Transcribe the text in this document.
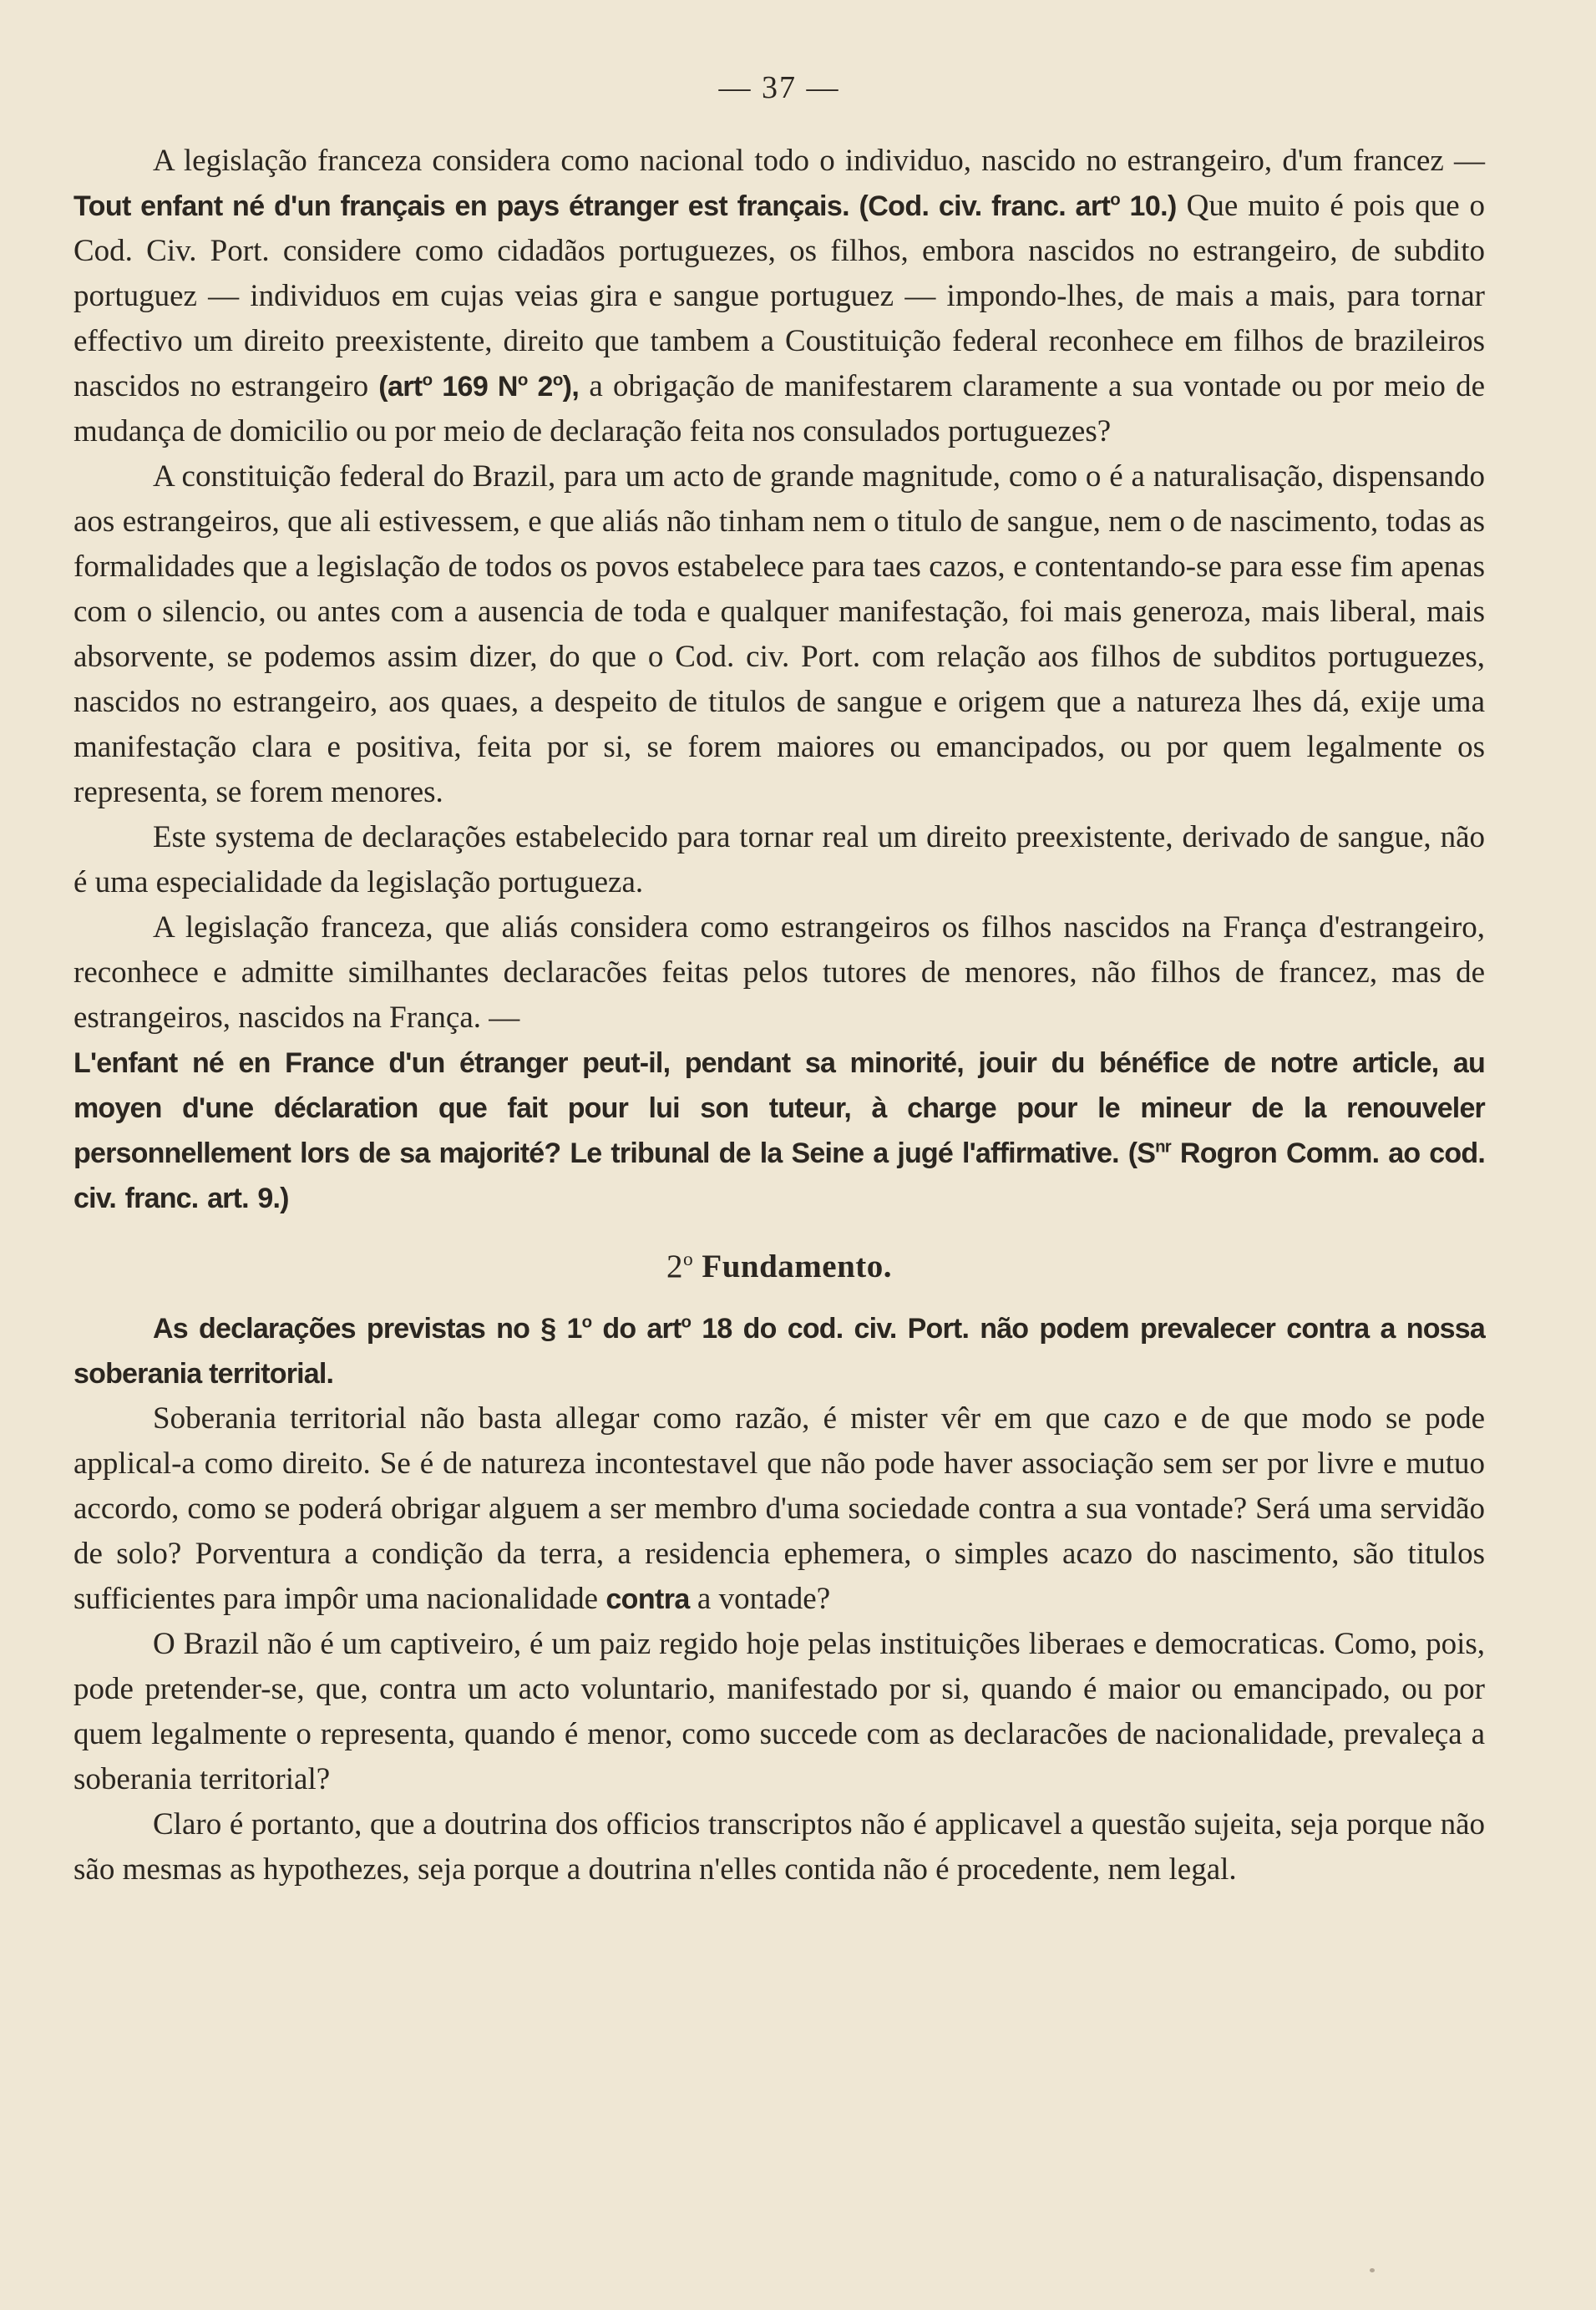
— 37 —

A legislação franceza considera como nacional todo o individuo, nascido no estrangeiro, d'um francez — Tout enfant né d'un français en pays étranger est français. (Cod. civ. franc. art$^o$ 10.) Que muito é pois que o Cod. Civ. Port. considere como cidadãos portuguezes, os filhos, embora nascidos no estrangeiro, de subdito portuguez — individuos em cujas veias gira e sangue portuguez — impondo-lhes, de mais a mais, para tornar effectivo um direito preexistente, direito que tambem a Coustituição federal reconhece em filhos de brazileiros nascidos no estrangeiro (art$^o$ 169 $N^o$ 2$^o$), a obrigação de manifestarem claramente a sua vontade ou por meio de mudança de domicilio ou por meio de declaração feita nos consulados portuguezes?

A constituição federal do Brazil, para um acto de grande magnitude, como o é a naturalisação, dispensando aos estrangeiros, que ali estivessem, e que aliás não tinham nem o titulo de sangue, nem o de nascimento, todas as formalidades que a legislação de todos os povos estabelece para taes cazos, e contentando-se para esse fim apenas com o silencio, ou antes com a ausencia de toda e qualquer manifestação, foi mais generoza, mais liberal, mais absorvente, se podemos assim dizer, do que o Cod. civ. Port. com relação aos filhos de subditos portuguezes, nascidos no estrangeiro, aos quaes, a despeito de titulos de sangue e origem que a natureza lhes dá, exije uma manifestação clara e positiva, feita por si, se forem maiores ou emancipados, ou por quem legalmente os representa, se forem menores.

Este systema de declarações estabelecido para tornar real um direito preexistente, derivado de sangue, não é uma especialidade da legislação portugueza.

A legislação franceza, que aliás considera como estrangeiros os filhos nascidos na França d'estrangeiro, reconhece e admitte similhantes declaracões feitas pelos tutores de menores, não filhos de francez, mas de estrangeiros, nascidos na França. —

L'enfant né en France d'un étranger peut-il, pendant sa minorité, jouir du bénéfice de notre article, au moyen d'une déclaration que fait pour lui son tuteur, à charge pour le mineur de la renouveler personnellement lors de sa majorité? Le tribunal de la Seine a jugé l'affirmative. ($S^{nr}$ Rogron Comm. ao cod. civ. franc. art. 9.)

2$^o$ Fundamento.

As declarações previstas no § 1$^o$ do art$^o$ 18 do cod. civ. Port. não podem prevalecer contra a nossa soberania territorial.

Soberania territorial não basta allegar como razão, é mister vêr em que cazo e de que modo se pode applical-a como direito. Se é de natureza incontestavel que não pode haver associação sem ser por livre e mutuo accordo, como se poderá obrigar alguem a ser membro d'uma sociedade contra a sua vontade? Será uma servidão de solo? Porventura a condição da terra, a residencia ephemera, o simples acazo do nascimento, são titulos sufficientes para impôr uma nacionalidade contra a vontade?

O Brazil não é um captiveiro, é um paiz regido hoje pelas instituições liberaes e democraticas. Como, pois, pode pretender-se, que, contra um acto voluntario, manifestado por si, quando é maior ou emancipado, ou por quem legalmente o representa, quando é menor, como succede com as declaracões de nacionalidade, prevaleça a soberania territorial?

Claro é portanto, que a doutrina dos officios transcriptos não é applicavel a questão sujeita, seja porque não são mesmas as hypothezes, seja porque a doutrina n'elles contida não é procedente, nem legal.
